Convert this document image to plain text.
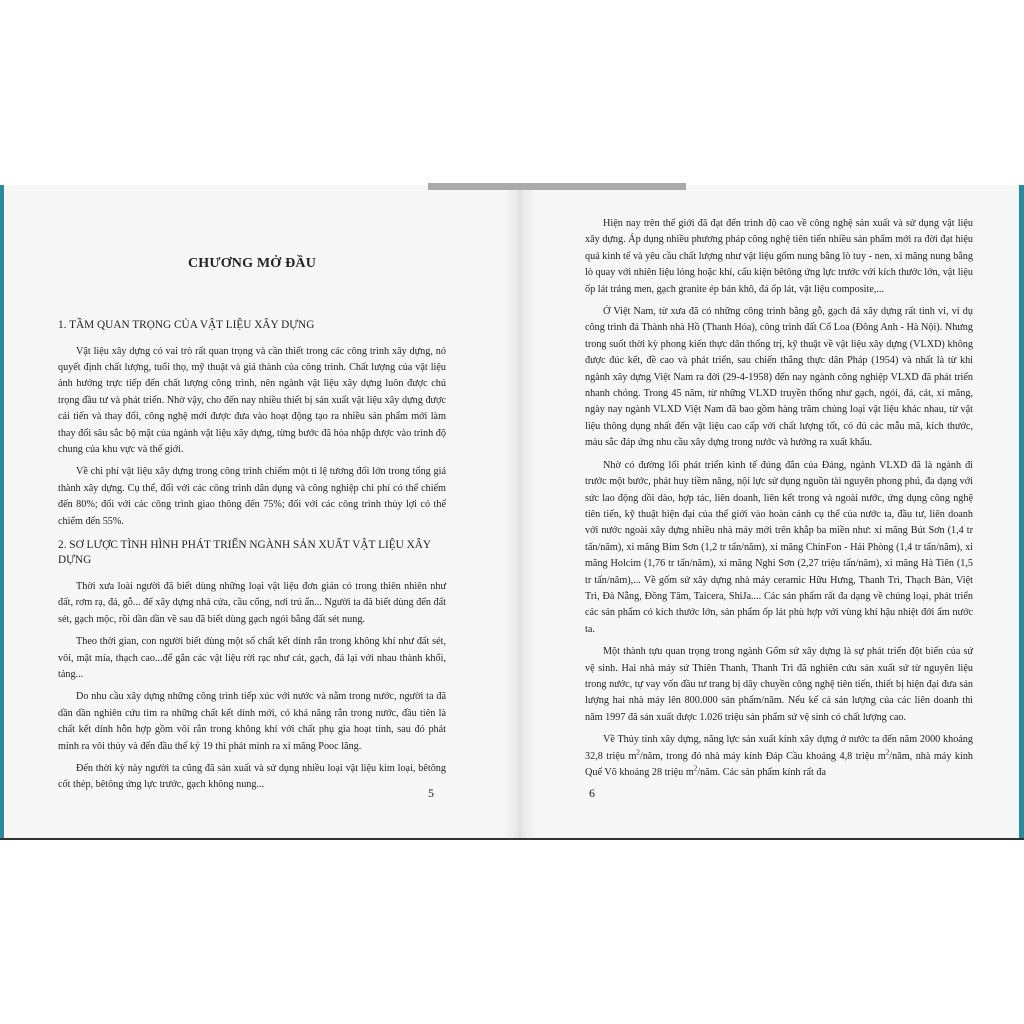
CHƯƠNG MỞ ĐẦU
1. TẦM QUAN TRỌNG CỦA VẬT LIỆU XÂY DỰNG

Vật liệu xây dựng có vai trò rất quan trọng và cần thiết trong các công trình xây dựng, nó quyết định chất lượng, tuổi thọ, mỹ thuật và giá thành của công trình. Chất lượng của vật liệu ảnh hưởng trực tiếp đến chất lượng công trình, nên ngành vật liệu xây dựng luôn được chú trọng đầu tư và phát triển. Nhờ vậy, cho đến nay nhiều thiết bị sản xuất vật liệu xây dựng được cải tiến và thay đổi, công nghệ mới được đưa vào hoạt động tạo ra nhiều sản phẩm mới làm thay đổi sâu sắc bộ mặt của ngành vật liệu xây dựng, từng bước đã hòa nhập được vào trình độ chung của khu vực và thế giới.

Về chi phí vật liệu xây dựng trong công trình chiếm một tỉ lệ tương đối lớn trong tổng giá thành xây dựng. Cụ thể, đối với các công trình dân dụng và công nghiệp chi phí có thể chiếm đến 80%; đối với các công trình giao thông đến 75%; đối với các công trình thủy lợi có thể chiếm đến 55%.

2. SƠ LƯỢC TÌNH HÌNH PHÁT TRIỂN NGÀNH SẢN XUẤT VẬT LIỆU XÂY DỰNG

Thời xưa loài người đã biết dùng những loại vật liệu đơn giản có trong thiên nhiên như đất, rơm rạ, đá, gỗ... để xây dựng nhà cửa, cầu cống, nơi trú ẩn... Người ta đã biết dùng đến đất sét, gạch mộc, rồi dần dần về sau đã biết dùng gạch ngói bằng đất sét nung.

Theo thời gian, con người biết dùng một số chất kết dính rắn trong không khí như đất sét, vôi, mật mía, thạch cao...để gắn các vật liệu rời rạc như cát, gạch, đá lại với nhau thành khối, tảng...

Do nhu cầu xây dựng những công trình tiếp xúc với nước và nằm trong nước, người ta đã dần dần nghiên cứu tìm ra những chất kết dính mới, có khả năng rắn trong nước, đầu tiên là chất kết dính hỗn hợp gồm vôi rắn trong không khí với chất phụ gia hoạt tính, sau đó phát minh ra vôi thủy và đến đầu thế kỷ 19 thì phát minh ra xi măng Pooc lăng.

Đến thời kỳ này người ta cũng đã sản xuất và sử dụng nhiều loại vật liệu kim loại, bêtông cốt thép, bêtông ứng lực trước, gạch không nung...

5

Hiện nay trên thế giới đã đạt đến trình độ cao về công nghệ sản xuất và sử dụng vật liệu xây dựng. Áp dụng nhiều phương pháp công nghệ tiên tiến nhiều sản phẩm mới ra đời đạt hiệu quả kinh tế và yêu cầu chất lượng như vật liệu gốm nung bằng lò tuy - nen, xi măng nung bằng lò quay với nhiên liệu lỏng hoặc khí, cấu kiện bêtông ứng lực trước với kích thước lớn, vật liệu ốp lát tráng men, gạch granite ép bán khô, đá ốp lát, vật liệu composite,...

Ở Việt Nam, từ xưa đã có những công trình bằng gỗ, gạch đá xây dựng rất tinh vi, ví dụ công trình đá Thành nhà Hồ (Thanh Hóa), công trình đất Cổ Loa (Đông Anh - Hà Nội). Nhưng trong suốt thời kỳ phong kiến thực dân thống trị, kỹ thuật về vật liệu xây dựng (VLXD) không được đúc kết, đề cao và phát triển, sau chiến thắng thực dân Pháp (1954) và nhất là từ khi ngành xây dựng Việt Nam ra đời (29-4-1958) đến nay ngành công nghiệp VLXD đã phát triển nhanh chóng. Trong 45 năm, từ những VLXD truyền thống như gạch, ngói, đá, cát, xi măng, ngày nay ngành VLXD Việt Nam đã bao gồm hàng trăm chủng loại vật liệu khác nhau, từ vật liệu thông dụng nhất đến vật liệu cao cấp với chất lượng tốt, có đủ các mẫu mã, kích thước, màu sắc đáp ứng nhu cầu xây dựng trong nước và hướng ra xuất khẩu.

Nhờ có đường lối phát triển kinh tế đúng đắn của Đảng, ngành VLXD đã là ngành đi trước một bước, phát huy tiềm năng, nội lực sử dụng nguồn tài nguyên phong phú, đa dạng với sức lao động dồi dào, hợp tác, liên doanh, liên kết trong và ngoài nước, ứng dụng công nghệ tiên tiến, kỹ thuật hiện đại của thế giới vào hoàn cảnh cụ thể của nước ta, đầu tư, liên doanh với nước ngoài xây dựng nhiều nhà máy mới trên khắp ba miền như: xi măng Bút Sơn (1,4 tr tấn/năm), xi măng Bỉm Sơn (1,2 tr tấn/năm), xi măng ChinFon - Hải Phòng (1,4 tr tấn/năm), xi măng Holcim (1,76 tr tấn/năm), xi măng Nghi Sơn (2,27 triệu tấn/năm), xi măng Hà Tiên (1,5 tr tấn/năm),... Về gốm sứ xây dựng nhà máy ceramic Hữu Hưng, Thanh Trì, Thạch Bàn, Việt Trì, Đà Nẵng, Đồng Tâm, Taicera, ShiJa.... Các sản phẩm rất đa dạng về chủng loại, phát triển các sản phẩm có kích thước lớn, sản phẩm ốp lát phù hợp với vùng khí hậu nhiệt đới ẩm nước ta.

Một thành tựu quan trọng trong ngành Gốm sứ xây dựng là sự phát triển đột biến của sứ vệ sinh. Hai nhà máy sứ Thiên Thanh, Thanh Trì đã nghiên cứu sản xuất sứ từ nguyên liệu trong nước, tự vay vốn đầu tư trang bị dây chuyền công nghệ tiên tiến, thiết bị hiện đại đưa sản lượng hai nhà máy lên 800.000 sản phẩm/năm. Nếu kể cả sản lượng của các liên doanh thì năm 1997 đã sản xuất được 1.026 triệu sản phẩm sứ vệ sinh có chất lượng cao.

Về Thủy tinh xây dựng, năng lực sản xuất kính xây dựng ở nước ta đến năm 2000 khoảng 32,8 triệu $m^2$/năm, trong đó nhà máy kính Đáp Cầu khoảng 4,8 triệu $m^2$/năm, nhà máy kính Quế Võ khoảng 28 triệu $m^2$/năm. Các sản phẩm kính rất đa

6
